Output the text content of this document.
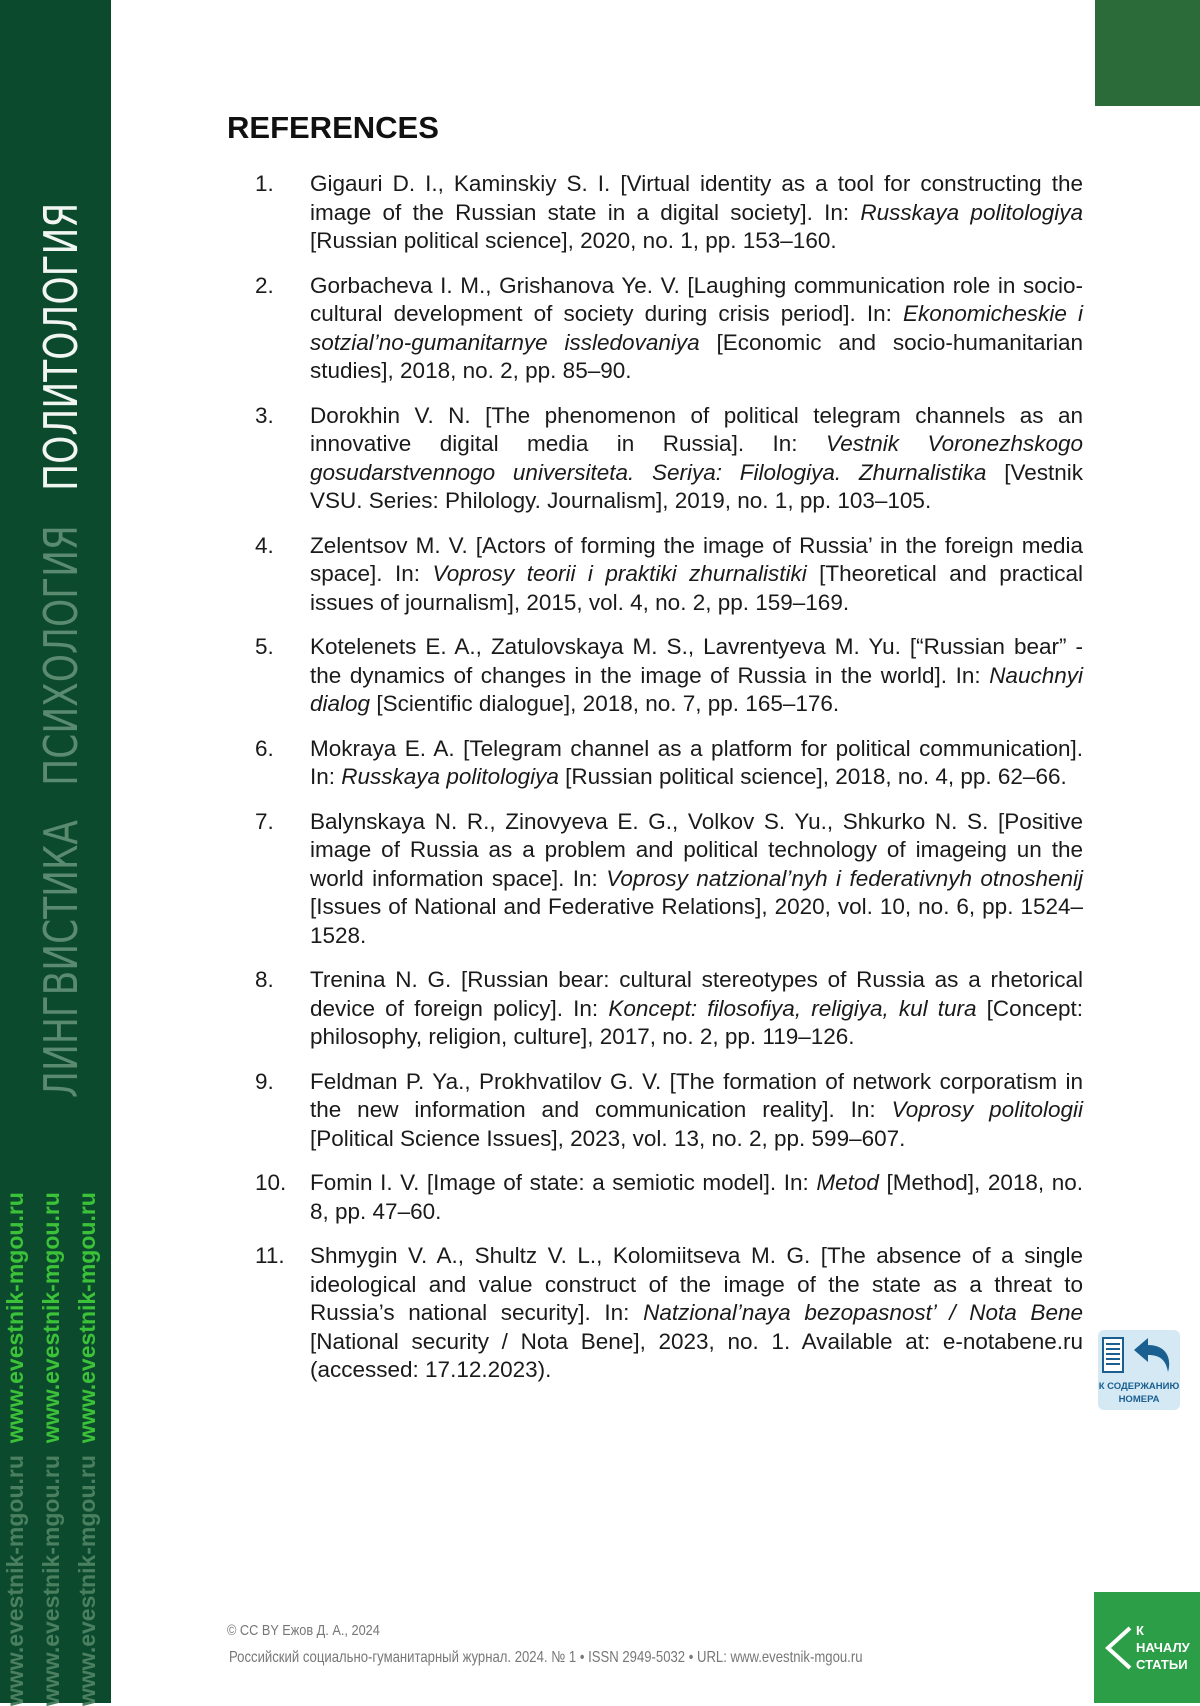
ЛИНГВИСТИКА
ПСИХОЛОГИЯ
ПОЛИТОЛОГИЯ
www.evestnik-mgou.ruwww.evestnik-mgou.ru
www.evestnik-mgou.ruwww.evestnik-mgou.ru
www.evestnik-mgou.ruwww.evestnik-mgou.ru
REFERENCES
1.	Gigauri D. I., Kaminskiy S. I. [Virtual identity as a tool for constructing the image of the Russian state in a digital society]. In: Russkaya politologiya [Russian political science], 2020, no. 1, pp. 153–160.
2.	Gorbacheva I. M., Grishanova Ye. V. [Laughing communication role in socio-cultural development of society during crisis period]. In: Ekonomicheskie i sotzial’no-gumanitarnye issledovaniya [Economic and socio-humanitarian studies], 2018, no. 2, pp. 85–90.
3.	Dorokhin V. N. [The phenomenon of political telegram channels as an innovative digital media in Russia]. In: Vestnik Voronezhskogo gosudarstvennogo universiteta. Seriya: Filologiya. Zhurnalistika [Vestnik VSU. Series: Philology. Journalism], 2019, no. 1, pp. 103–105.
4.	Zelentsov M. V. [Actors of forming the image of Russia’ in the foreign media space]. In: Voprosy teorii i praktiki zhurnalistiki [Theoretical and practical issues of journalism], 2015, vol. 4, no. 2, pp. 159–169.
5.	Kotelenets E. A., Zatulovskaya M. S., Lavrentyeva M. Yu. [“Russian bear” - the dynamics of changes in the image of Russia in the world]. In: Nauchnyi dialog [Scientific dialogue], 2018, no. 7, pp. 165–176.
6.	Mokraya E. A. [Telegram channel as a platform for political communication]. In: Russkaya politologiya [Russian political science], 2018, no. 4, pp. 62–66.
7.	Balynskaya N. R., Zinovyeva E. G., Volkov S. Yu., Shkurko N. S. [Positive image of Russia as a problem and political technology of imageing un the world information space]. In: Voprosy natzional’nyh i federativnyh otnoshenij [Issues of National and Federative Relations], 2020, vol. 10, no. 6, pp. 1524–1528.
8.	Trenina N. G. [Russian bear: cultural stereotypes of Russia as a rhetorical device of foreign policy]. In: Koncept: filosofiya, religiya, kul tura [Concept: philosophy, religion, culture], 2017, no. 2, pp. 119–126.
9.	Feldman P. Ya., Prokhvatilov G. V. [The formation of network corporatism in the new information and communication reality]. In: Voprosy politologii [Political Science Issues], 2023, vol. 13, no. 2, pp. 599–607.
10.	Fomin I. V. [Image of state: a semiotic model]. In: Metod [Method], 2018, no. 8, pp. 47–60.
11.	Shmygin V. A., Shultz V. L., Kolomiitseva M. G. [The absence of a single ideological and value construct of the image of the state as a threat to Russia’s national security]. In: Natzional’naya bezopasnost’ / Nota Bene [National security / Nota Bene], 2023, no. 1. Available at: e-notabene.ru (accessed: 17.12.2023).
К СОДЕРЖАНИЮ
НОМЕРА
© CC BY Ежов Д. А., 2024
Российский социально-гуманитарный журнал. 2024. № 1 • ISSN 2949-5032 • URL: www.evestnik-mgou.ru
К
НАЧАЛУ
СТАТЬИ
